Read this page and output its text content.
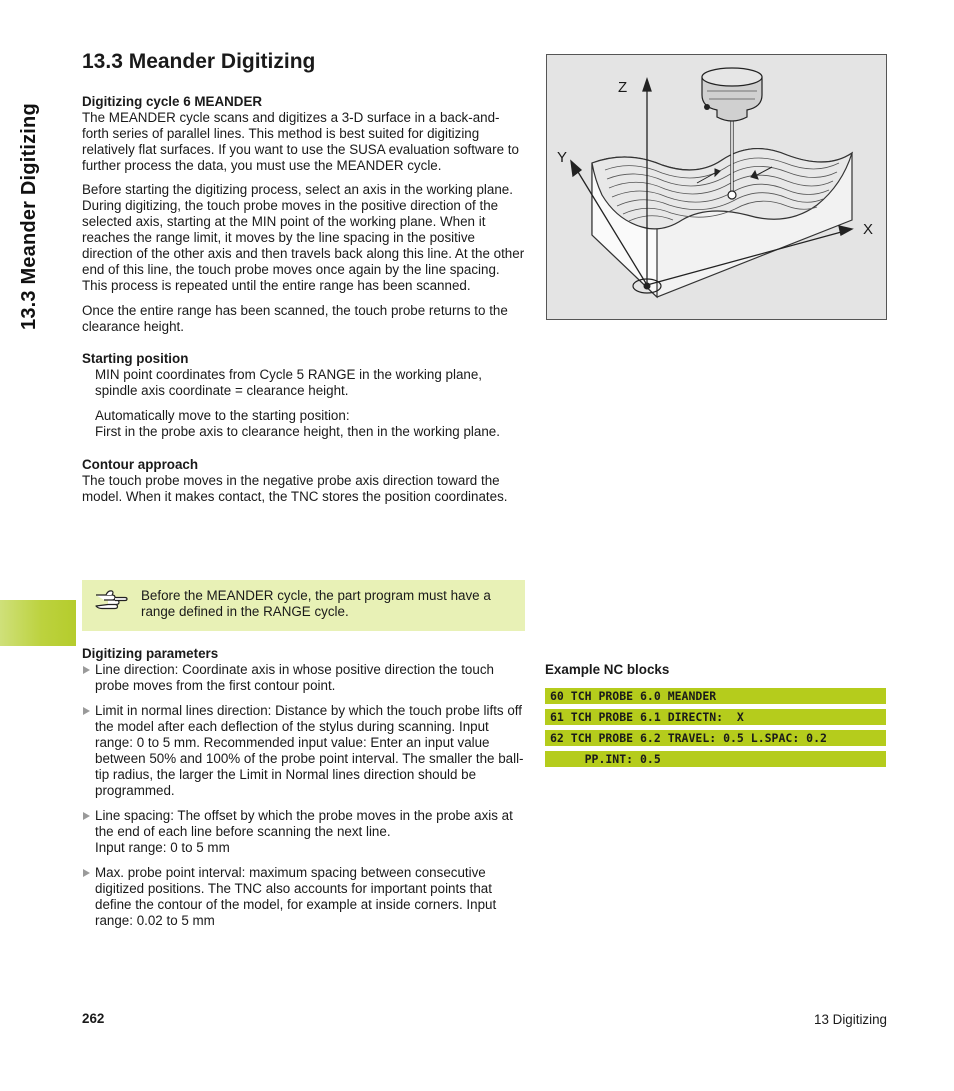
13.3 Meander Digitizing
13.3 Meander Digitizing
Digitizing cycle 6 MEANDER

The MEANDER cycle scans and digitizes a 3-D surface in a back-and-forth series of parallel lines. This method is best suited for digitizing relatively flat surfaces. If you want to use the SUSA evaluation software to further process the data, you must use the MEANDER cycle.

Before starting the digitizing process, select an axis in the working plane. During digitizing, the touch probe moves in the positive direction of the selected axis, starting at the MIN point of the working plane. When it reaches the range limit, it moves by the line spacing in the positive direction of the other axis and then travels back along this line. At the other end of this line, the touch probe moves once again by the line spacing. This process is repeated until the entire range has been scanned.

Once the entire range has been scanned, the touch probe returns to the clearance height.

Starting position

MIN point coordinates from Cycle 5 RANGE in the working plane, spindle axis coordinate = clearance height.

Automatically move to the starting position:

First in the probe axis to clearance height, then in the working plane.

Contour approach

The touch probe moves in the negative probe axis direction toward the model. When it makes contact, the TNC stores the position coordinates.

Before the MEANDER cycle, the part program must have a range defined in the RANGE cycle.
Digitizing parameters
Line direction: Coordinate axis in whose positive direction the touch probe moves from the first contour point.
Limit in normal lines direction: Distance by which the touch probe lifts off the model after each deflection of the stylus during scanning. Input range: 0 to 5 mm. Recommended input value: Enter an input value between 50% and 100% of the probe point interval. The smaller the ball-tip radius, the larger the Limit in Normal lines direction should be programmed.
Line spacing: The offset by which the probe moves in the probe axis at the end of each line before scanning the next line.
Input range: 0 to 5 mm
Max. probe point interval: maximum spacing between consecutive digitized positions. The TNC also accounts for important points that define the contour of the model, for example at inside corners. Input range: 0.02 to 5 mm
Z
Y
X
Example NC blocks
60 TCH PROBE 6.0 MEANDER
61 TCH PROBE 6.1 DIRECTN:  X
62 TCH PROBE 6.2 TRAVEL: 0.5 L.SPAC: 0.2
PP.INT: 0.5
262	13 Digitizing
